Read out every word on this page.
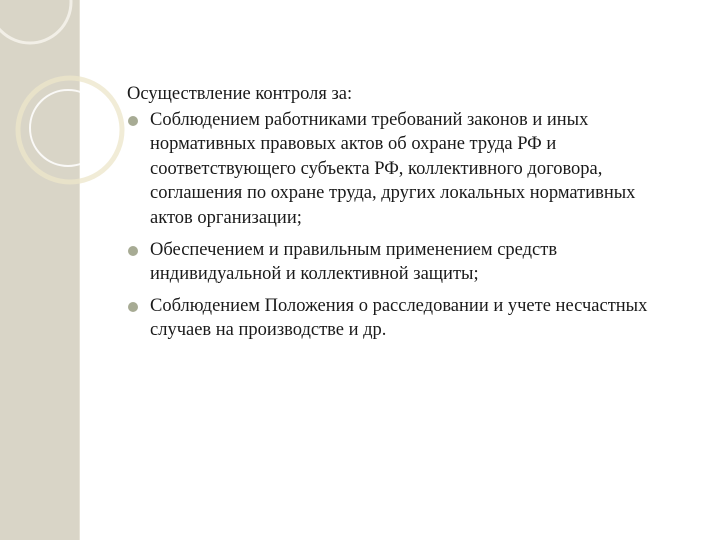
Осуществление контроля за:

Соблюдением работниками требований законов и иных нормативных правовых актов об охране труда РФ и соответствующего субъекта РФ, коллективного договора, соглашения по охране труда, других локальных нормативных актов организации;
Обеспечением и правильным применением средств индивидуальной и коллективной защиты;
Соблюдением Положения о расследовании и учете несчастных случаев на производстве и др.
